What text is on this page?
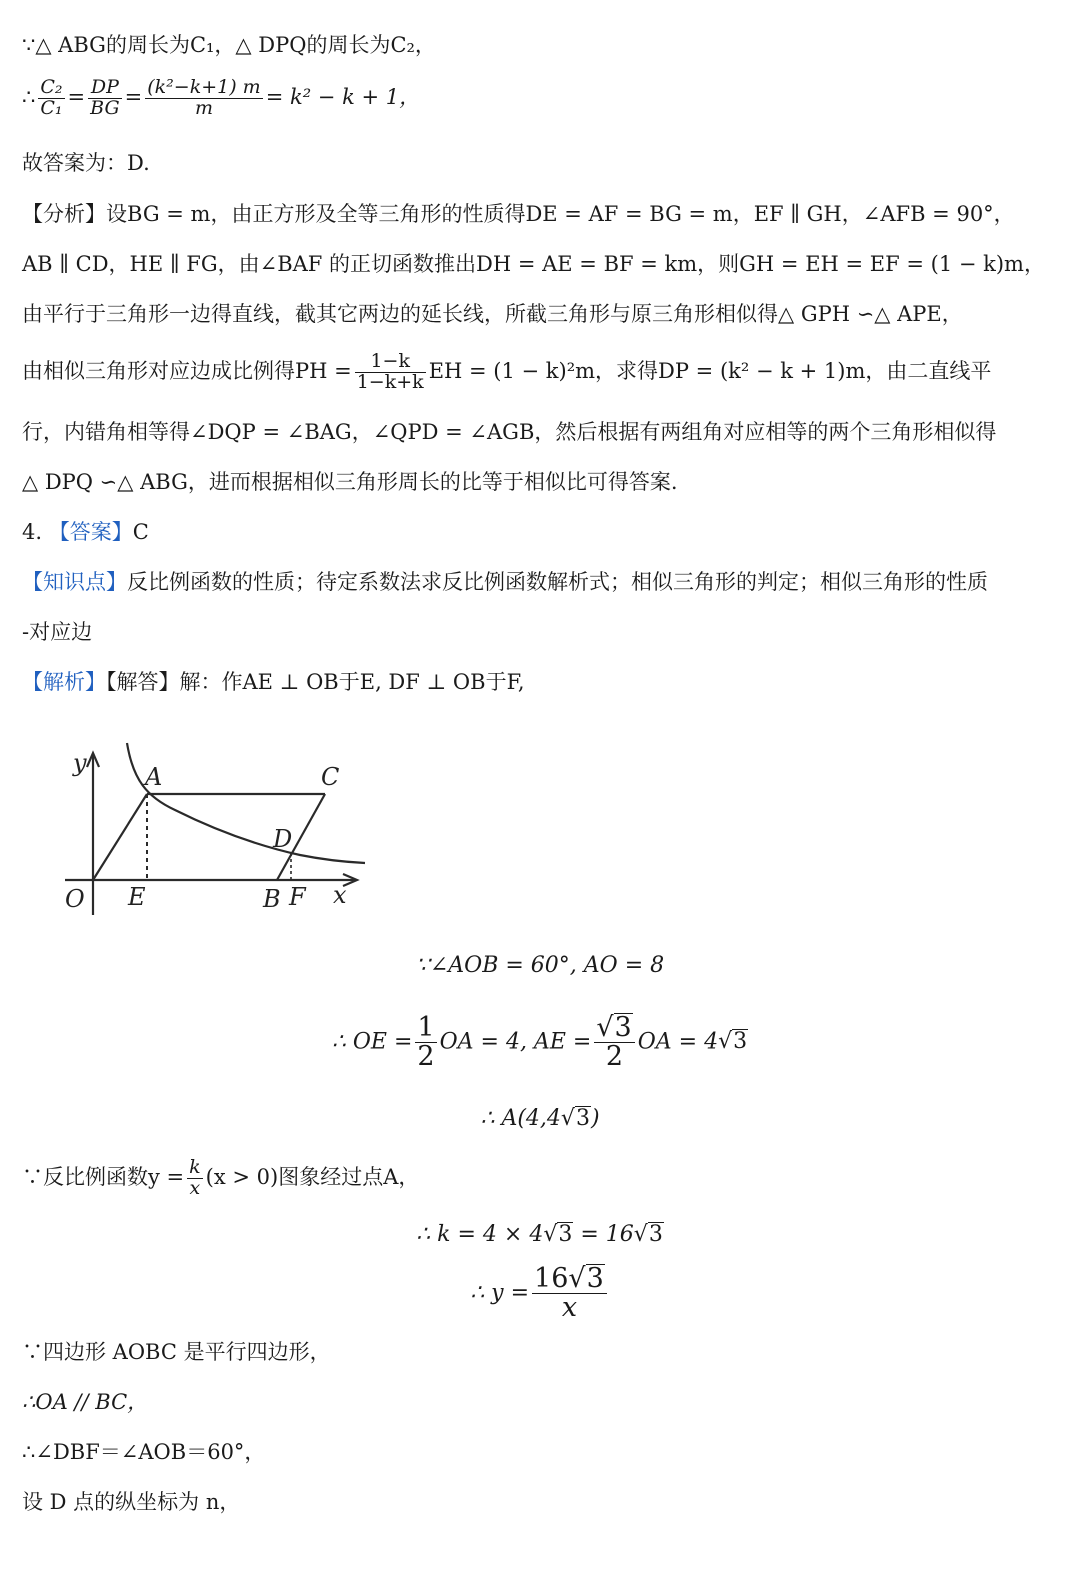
∵△ ABG的周长为C₁，△ DPQ的周长为C₂，
∴ $\frac{\text{C₂}}{\text{C₁}} = \frac{DP}{BG} = \frac{\text{(k²−k+1) m}}{m} = k^2 - k + 1$，
故答案为：D.
【分析】设BG = m，由正方形及全等三角形的性质得DE = AF = BG = m，EF ∥ GH，∠AFB = 90°，
AB ∥ CD，HE ∥ FG，由∠BAF 的正切函数推出DH = AE = BF = km，则GH = EH = EF = (1 − k)m，
由平行于三角形一边得直线，截其它两边的延长线，所截三角形与原三角形相似得△ GPH ∽△ APE，
由相似三角形对应边成比例得PH = $\frac{1-k}{1-k+k}$ EH = (1 − k)²m，求得DP = (k² − k + 1)m，由二直线平
行，内错角相等得∠DQP = ∠BAG，∠QPD = ∠AGB，然后根据有两组角对应相等的两个三角形相似得
△ DPQ ∽△ ABG，进而根据相似三角形周长的比等于相似比可得答案.
4. 【答案】C
【知识点】反比例函数的性质；待定系数法求反比例函数解析式；相似三角形的判定；相似三角形的性质
-对应边
【解析】【解答】解：作AE ⊥ OB于E, DF ⊥ OB于F,
y A	C
D
O E	B F x
∵∠AOB = 60°, AO = 8
∴ OE = $\frac{1}{2}$ OA = 4, AE = $\frac{√3}{2}$ OA = 4√3
∴ A(4,4√3)
∵反比例函数$y = \frac{k}{x} (x > 0)$图象经过点A，
∴ k = 4 × 4√3 = 16√3
∴ $y = \frac{16√3}{x}$
∵四边形 AOBC 是平行四边形，
∴OA // BC，
∴∠DBF＝∠AOB＝60°，
设 D 点的纵坐标为 n，
